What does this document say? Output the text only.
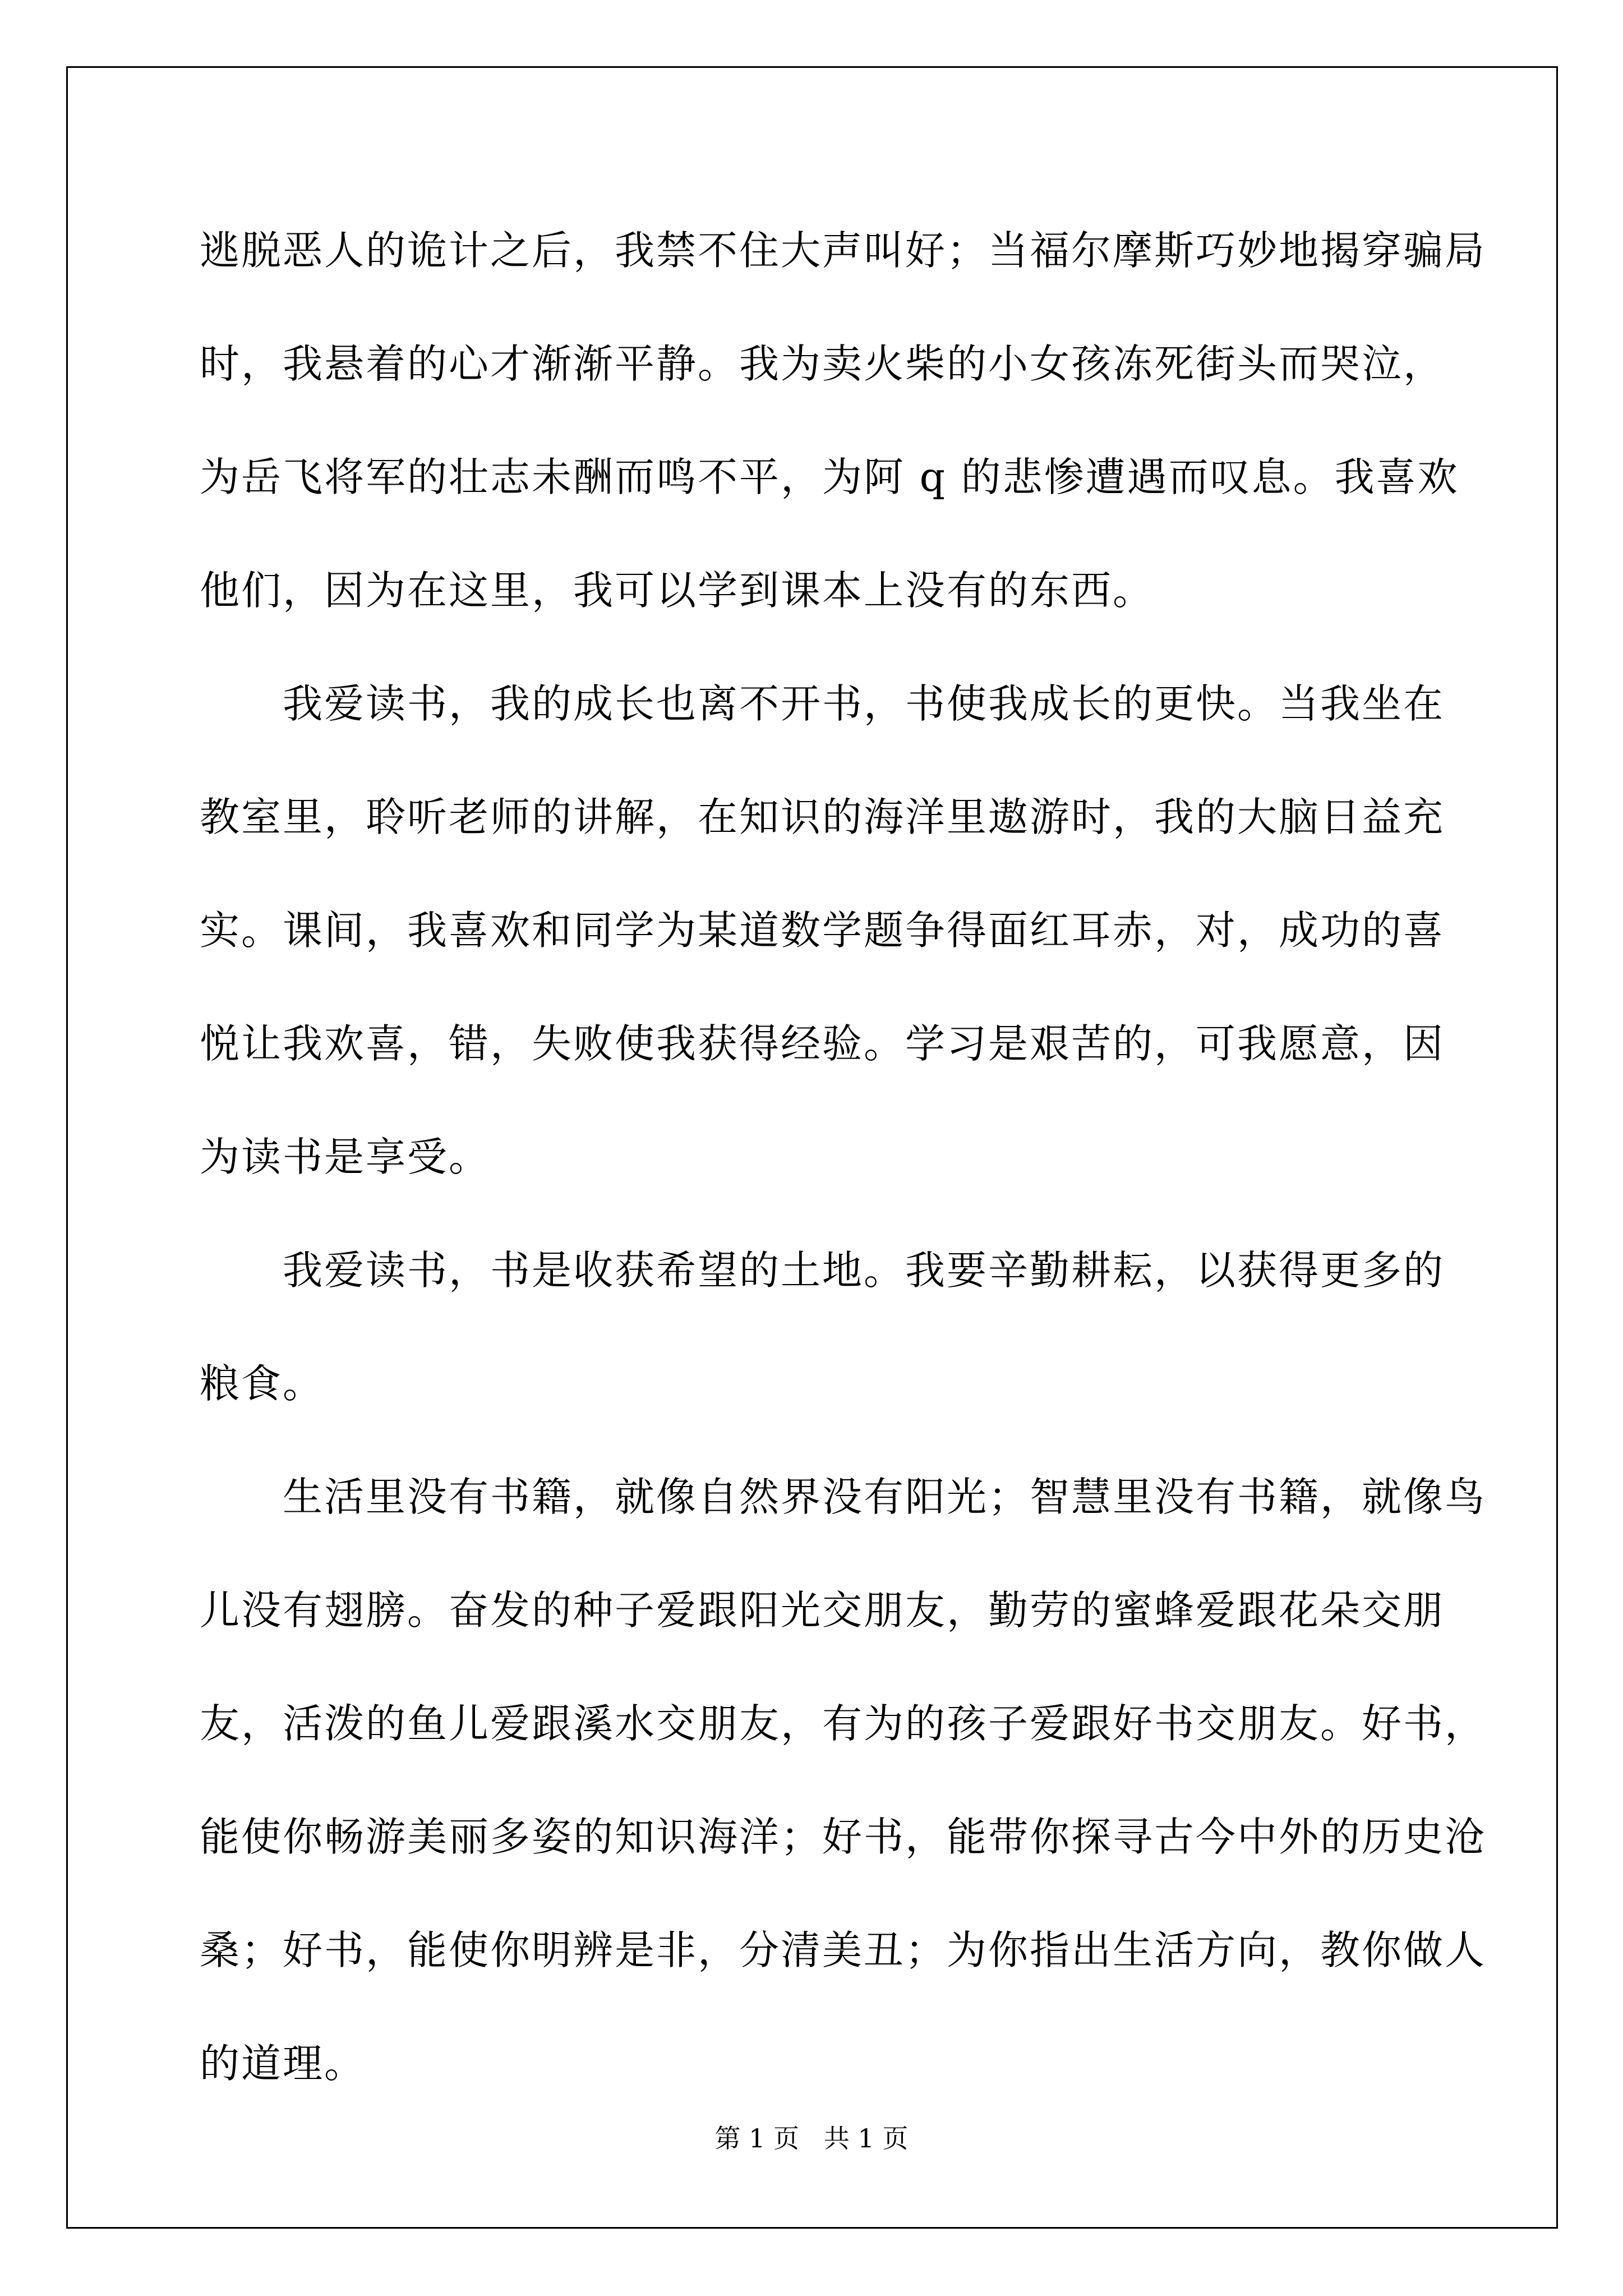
逃脱恶人的诡计之后，我禁不住大声叫好；当福尔摩斯巧妙地揭穿骗局
时，我悬着的心才渐渐平静。我为卖火柴的小女孩冻死街头而哭泣，
为岳飞将军的壮志未酬而鸣不平，为阿 q 的悲惨遭遇而叹息。我喜欢
他们，因为在这里，我可以学到课本上没有的东西。
我爱读书，我的成长也离不开书，书使我成长的更快。当我坐在
教室里，聆听老师的讲解，在知识的海洋里遨游时，我的大脑日益充
实。课间，我喜欢和同学为某道数学题争得面红耳赤，对，成功的喜
悦让我欢喜，错，失败使我获得经验。学习是艰苦的，可我愿意，因
为读书是享受。
我爱读书，书是收获希望的土地。我要辛勤耕耘，以获得更多的
粮食。
生活里没有书籍，就像自然界没有阳光；智慧里没有书籍，就像鸟
儿没有翅膀。奋发的种子爱跟阳光交朋友，勤劳的蜜蜂爱跟花朵交朋
友，活泼的鱼儿爱跟溪水交朋友，有为的孩子爱跟好书交朋友。好书，
能使你畅游美丽多姿的知识海洋；好书，能带你探寻古今中外的历史沧
桑；好书，能使你明辨是非，分清美丑；为你指出生活方向，教你做人
的道理。
第 1 页   共 1 页
